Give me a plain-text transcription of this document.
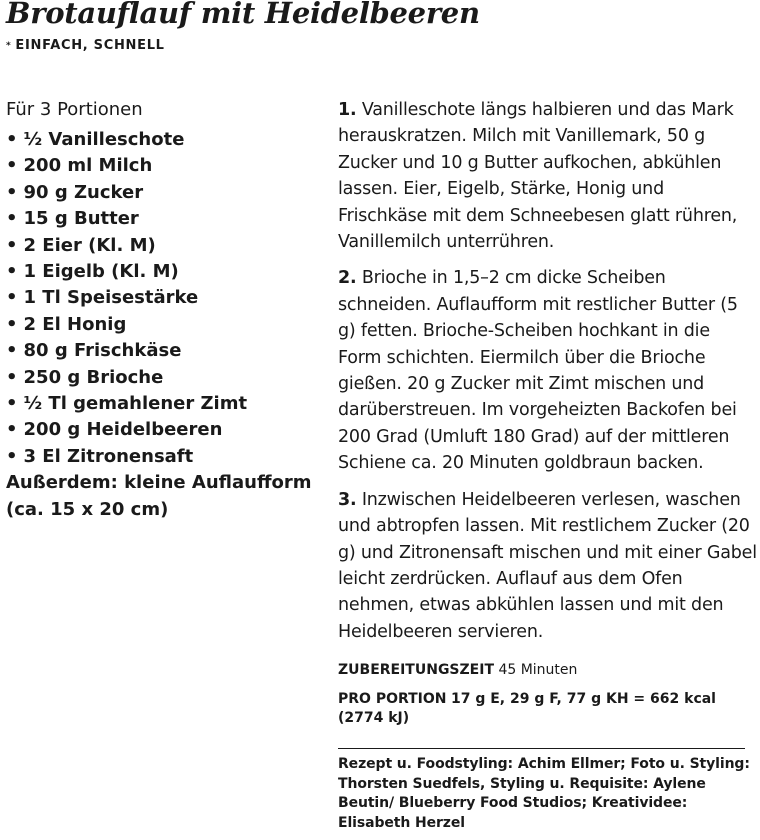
Brotauflauf mit Heidelbeeren
* EINFACH, SCHNELL

Für 3 Portionen

• ½ Vanilleschote
• 200 ml Milch
• 90 g Zucker
• 15 g Butter
• 2 Eier (Kl. M)
• 1 Eigelb (Kl. M)
• 1 Tl Speisestärke
• 2 El Honig
• 80 g Frischkäse
• 250 g Brioche
• ½ Tl gemahlener Zimt
• 200 g Heidelbeeren
• 3 El Zitronensaft
Außerdem: kleine Auflaufform (ca. 15 x 20 cm)

1. Vanilleschote längs halbieren und das Mark herauskratzen. Milch mit Vanillemark, 50 g Zucker und 10 g Butter aufkochen, abkühlen lassen. Eier, Eigelb, Stärke, Honig und Frischkäse mit dem Schneebesen glatt rühren, Vanillemilch unterrühren.

2. Brioche in 1,5–2 cm dicke Scheiben schneiden. Auflaufform mit restlicher Butter (5 g) fetten. Brioche-Scheiben hochkant in die Form schichten. Eiermilch über die Brioche gießen. 20 g Zucker mit Zimt mischen und darüberstreuen. Im vorgeheizten Backofen bei 200 Grad (Umluft 180 Grad) auf der mittleren Schiene ca. 20 Minuten goldbraun backen.

3. Inzwischen Heidelbeeren verlesen, waschen und abtropfen lassen. Mit restlichem Zucker (20 g) und Zitronensaft mischen und mit einer Gabel leicht zerdrücken. Auflauf aus dem Ofen nehmen, etwas abkühlen lassen und mit den Heidelbeeren servieren.

ZUBEREITUNGSZEIT 45 Minuten

PRO PORTION 17 g E, 29 g F, 77 g KH = 662 kcal (2774 kJ)

Rezept u. Foodstyling: Achim Ellmer; Foto u. Styling: Thorsten Suedfels, Styling u. Requisite: Aylene Beutin/ Blueberry Food Studios; Kreatividee: Elisabeth Herzel
